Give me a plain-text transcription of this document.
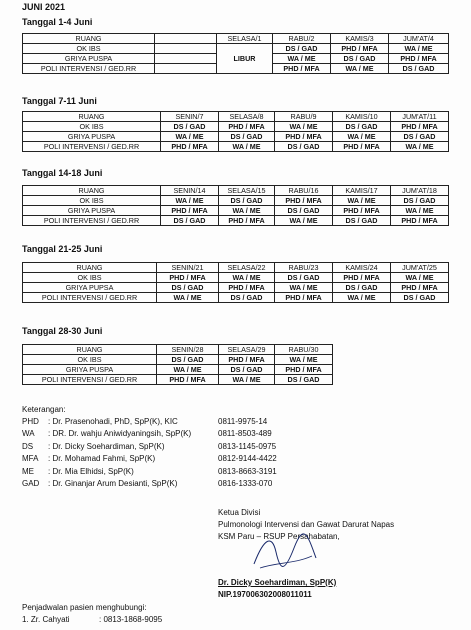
JUNI 2021
Tanggal 1-4 Juni
RUANG		SELASA/1	RABU/2	KAMIS/3	JUM'AT/4
OK IBS		LIBUR	DS / GAD	PHD / MFA	WA / ME
GRIYA PUSPA			WA / ME	DS / GAD	PHD / MFA
POLI INTERVENSI / GED.RR			PHD / MFA	WA / ME	DS / GAD
Tanggal 7-11 Juni
RUANG	SENIN/7	SELASA/8	RABU/9	KAMIS/10	JUM'AT/11
OK IBS	DS / GAD	PHD / MFA	WA / ME	DS / GAD	PHD / MFA
GRIYA PUSPA	WA / ME	DS / GAD	PHD / MFA	WA / ME	DS / GAD
POLI INTERVENSI / GED.RR	PHD / MFA	WA / ME	DS / GAD	PHD / MFA	WA / ME
Tanggal 14-18 Juni
RUANG	SENIN/14	SELASA/15	RABU/16	KAMIS/17	JUM'AT/18
OK IBS	WA / ME	DS / GAD	PHD / MFA	WA / ME	DS / GAD
GRIYA PUSPA	PHD / MFA	WA / ME	DS / GAD	PHD / MFA	WA / ME
POLI INTERVENSI / GED.RR	DS / GAD	PHD / MFA	WA / ME	DS / GAD	PHD / MFA
Tanggal 21-25 Juni
RUANG	SENIN/21	SELASA/22	RABU/23	KAMIS/24	JUM'AT/25
OK IBS	PHD / MFA	WA / ME	DS / GAD	PHD / MFA	WA / ME
GRIYA PUPSA	DS / GAD	PHD / MFA	WA / ME	DS / GAD	PHD / MFA
POLI INTERVENSI / GED.RR	WA / ME	DS / GAD	PHD / MFA	WA / ME	DS / GAD
Tanggal 28-30 Juni
RUANG	SENIN/28	SELASA/29	RABU/30	
OK IBS	DS / GAD	PHD / MFA	WA / ME	
GRIYA PUSPA	WA / ME	DS / GAD	PHD / MFA	
POLI INTERVENSI / GED.RR	PHD / MFA	WA / ME	DS / GAD	
Keterangan:
PHD : Dr. Prasenohadi, PhD, SpP(K), KIC	0811-9975-14
WA : DR. Dr. wahju Aniwidyaningsih, SpP(K)	0811-8503-489
DS : Dr. Dicky Soehardiman, SpP(K)	0813-1145-0975
MFA : Dr. Mohamad Fahmi, SpP(K)	0812-9144-4422
ME : Dr. Mia Elhidsi, SpP(K)	0813-8663-3191
GAD : Dr. Ginanjar Arum Desianti, SpP(K)	0816-1333-070
Ketua Divisi
Pulmonologi Intervensi dan Gawat Darurat Napas
KSM Paru – RSUP Persahabatan,
Dr. Dicky Soehardiman, SpP(K)
NIP.197006302008011011
Penjadwalan pasien menghubungi:
1. Zr. Cahyati	: 0813-1868-9095
